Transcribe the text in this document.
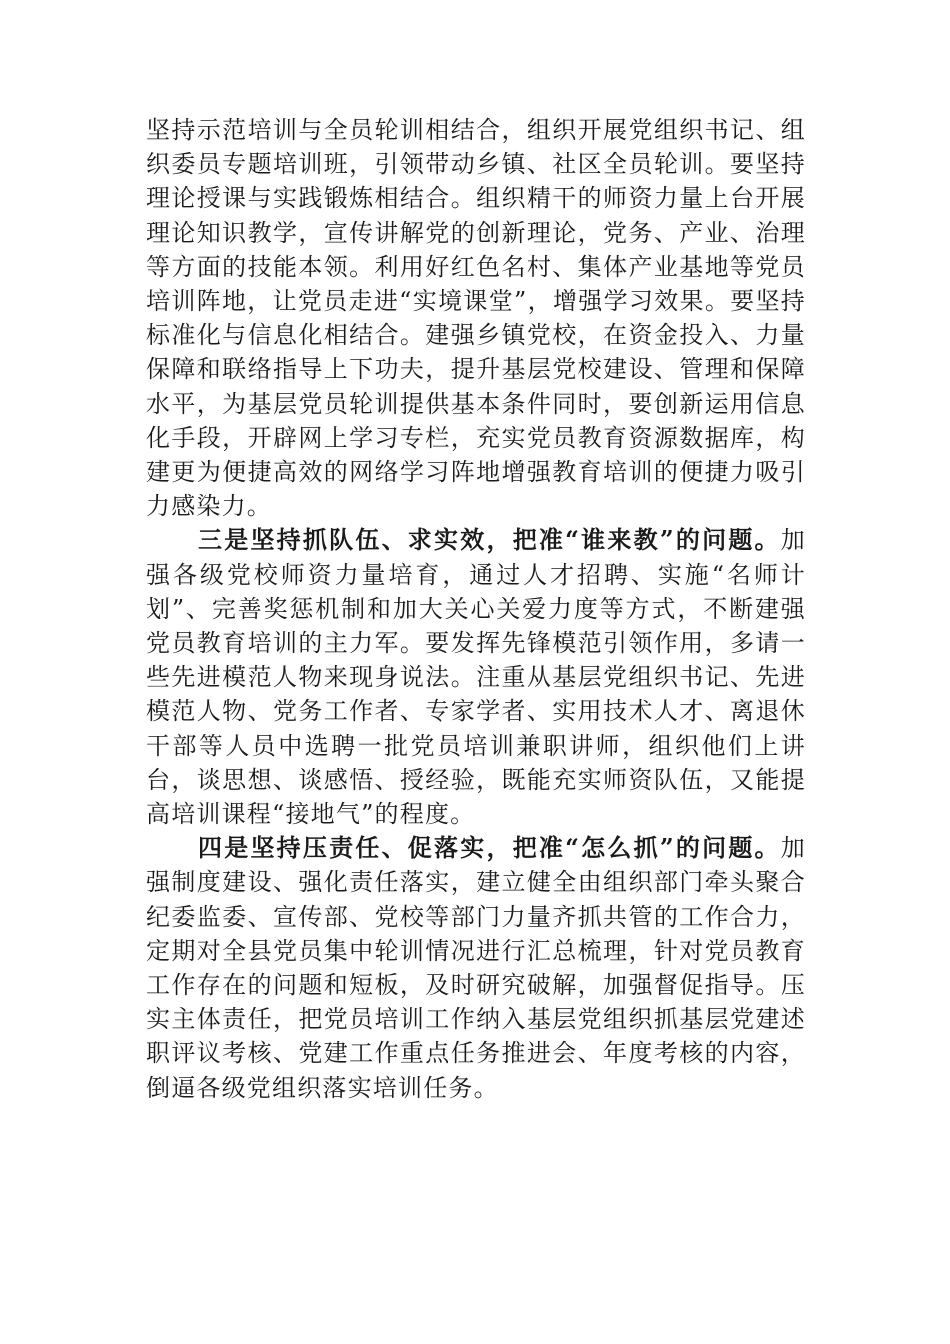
坚持示范培训与全员轮训相结合，组织开展党组织书记、组织委员专题培训班，引领带动乡镇、社区全员轮训。要坚持理论授课与实践锻炼相结合。组织精干的师资力量上台开展理论知识教学，宣传讲解党的创新理论，党务、产业、治理等方面的技能本领。利用好红色名村、集体产业基地等党员培训阵地，让党员走进“实境课堂”，增强学习效果。要坚持标准化与信息化相结合。建强乡镇党校，在资金投入、力量保障和联络指导上下功夫，提升基层党校建设、管理和保障水平，为基层党员轮训提供基本条件同时，要创新运用信息化手段，开辟网上学习专栏，充实党员教育资源数据库，构建更为便捷高效的网络学习阵地增强教育培训的便捷力吸引力感染力。

三是坚持抓队伍、求实效，把准“谁来教”的问题。加强各级党校师资力量培育，通过人才招聘、实施“名师计划”、完善奖惩机制和加大关心关爱力度等方式，不断建强党员教育培训的主力军。要发挥先锋模范引领作用，多请一些先进模范人物来现身说法。注重从基层党组织书记、先进模范人物、党务工作者、专家学者、实用技术人才、离退休干部等人员中选聘一批党员培训兼职讲师，组织他们上讲台，谈思想、谈感悟、授经验，既能充实师资队伍，又能提高培训课程“接地气”的程度。

四是坚持压责任、促落实，把准“怎么抓”的问题。加强制度建设、强化责任落实，建立健全由组织部门牵头聚合纪委监委、宣传部、党校等部门力量齐抓共管的工作合力，定期对全县党员集中轮训情况进行汇总梳理，针对党员教育工作存在的问题和短板，及时研究破解，加强督促指导。压实主体责任，把党员培训工作纳入基层党组织抓基层党建述职评议考核、党建工作重点任务推进会、年度考核的内容，倒逼各级党组织落实培训任务。
